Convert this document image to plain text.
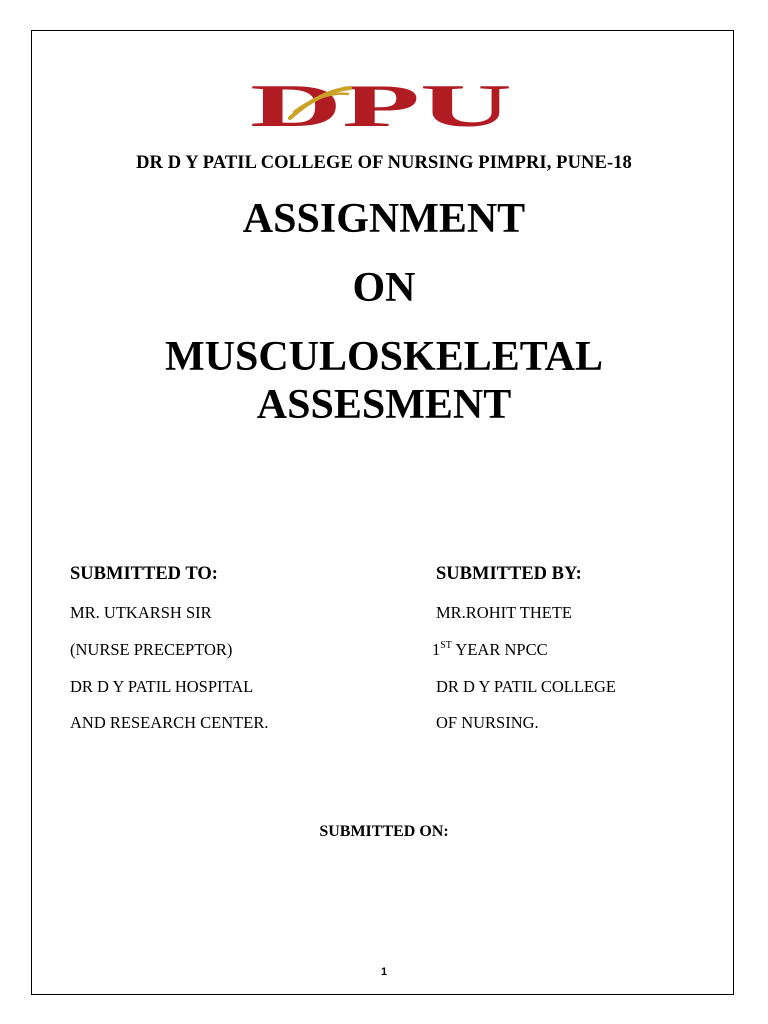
DPU
DR D Y PATIL COLLEGE OF NURSING PIMPRI, PUNE-18
ASSIGNMENT
ON
MUSCULOSKELETAL
ASSESMENT
SUBMITTED TO:
MR. UTKARSH SIR
(NURSE PRECEPTOR)
DR D Y PATIL HOSPITAL
AND RESEARCH CENTER.
SUBMITTED BY:
MR.ROHIT THETE
1ST YEAR NPCC
DR D Y PATIL COLLEGE
OF NURSING.
SUBMITTED ON:
1
